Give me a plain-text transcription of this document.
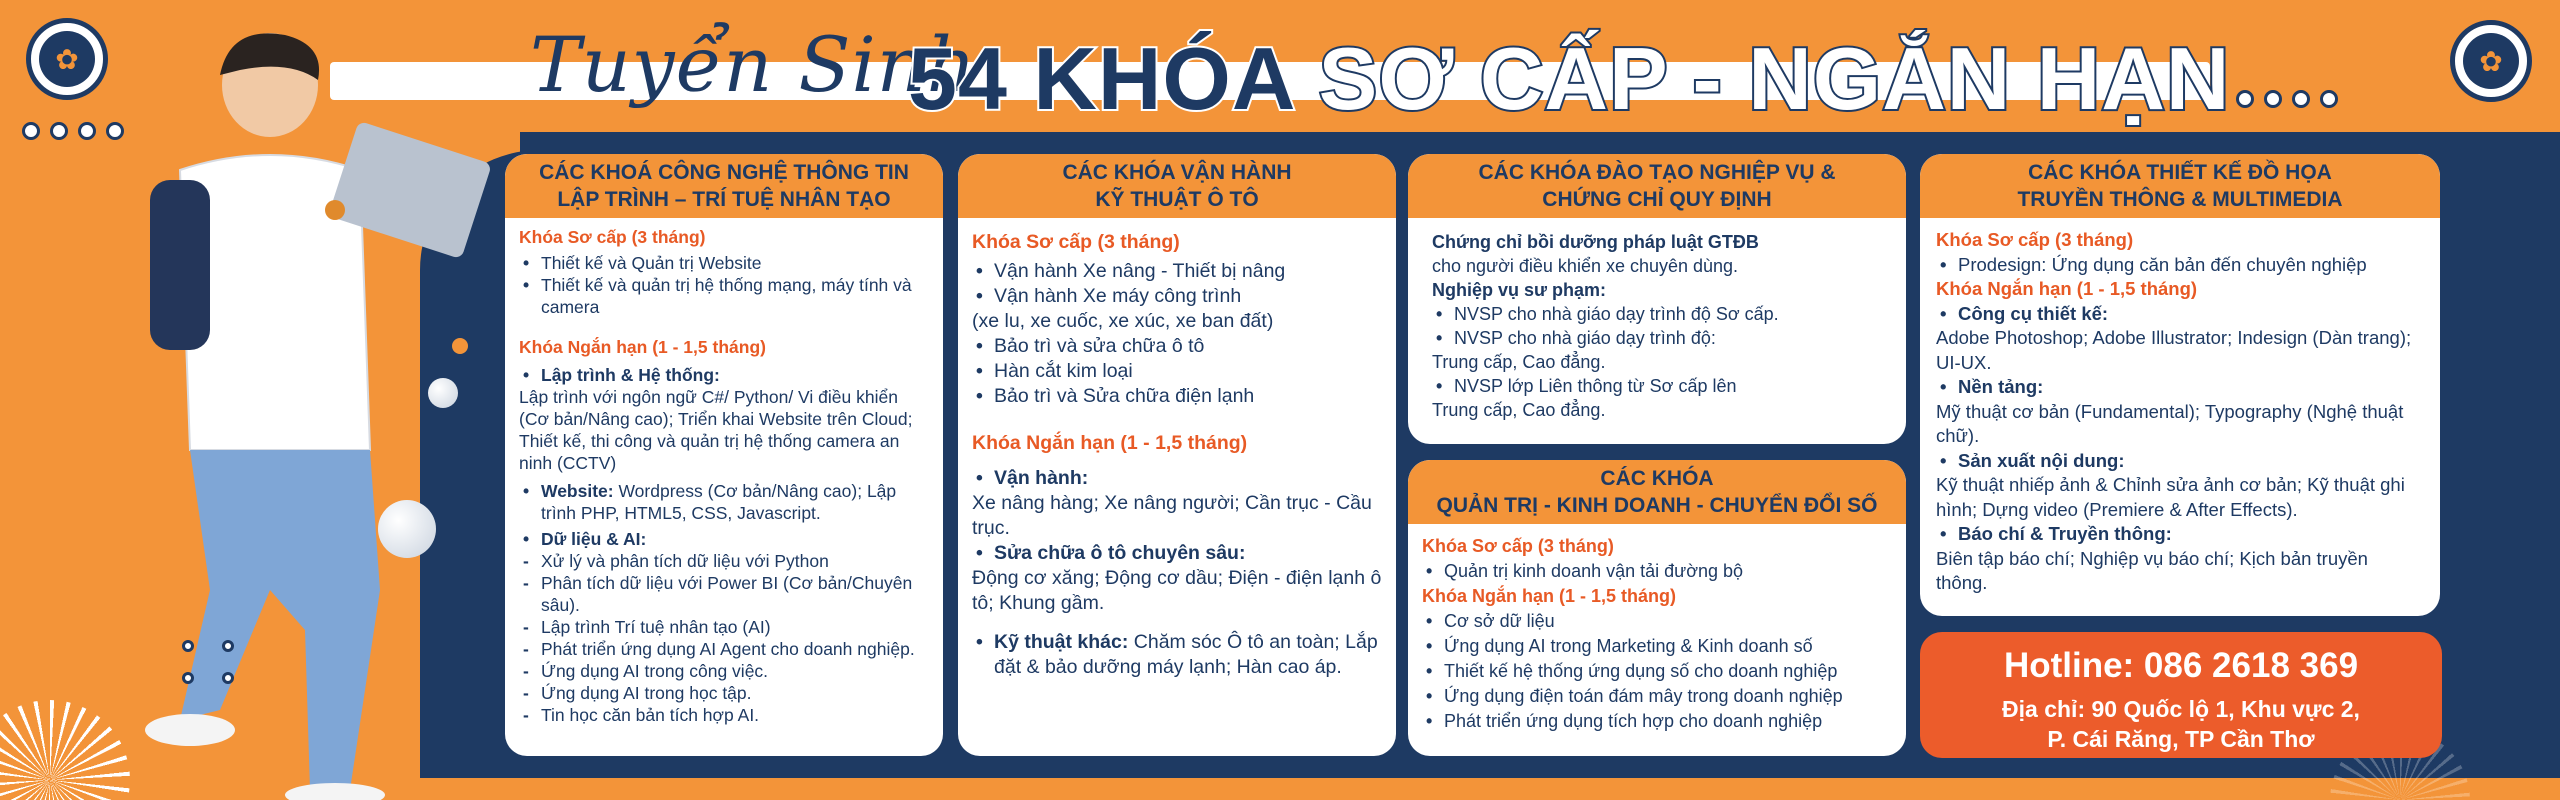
✿	✿
Tuyển Sinh
54 KHÓA SƠ CẤP - NGẮN HẠN
CÁC KHOÁ CÔNG NGHỆ THÔNG TIN
LẬP TRÌNH – TRÍ TUỆ NHÂN TẠO
Khóa Sơ cấp (3 tháng)
• Thiết kế và Quản trị Website
• Thiết kế và quản trị hệ thống mạng, máy tính và camera
Khóa Ngắn hạn (1 - 1,5 tháng)
• Lập trình & Hệ thống:
Lập trình với ngôn ngữ C#/ Python/ Vi điều khiển (Cơ bản/Nâng cao); Triển khai Website trên Cloud; Thiết kế, thi công và quản trị hệ thống camera an ninh (CCTV)
• Website: Wordpress (Cơ bản/Nâng cao); Lập trình PHP, HTML5, CSS, Javascript.
• Dữ liệu & AI:
- Xử lý và phân tích dữ liệu với Python
- Phân tích dữ liệu với Power BI (Cơ bản/Chuyên sâu).
- Lập trình Trí tuệ nhân tạo (AI)
- Phát triển ứng dụng AI Agent cho doanh nghiệp.
- Ứng dụng AI trong công việc.
- Ứng dụng AI trong học tập.
- Tin học căn bản tích hợp AI.
CÁC KHÓA VẬN HÀNH
KỸ THUẬT Ô TÔ
Khóa Sơ cấp (3 tháng)
• Vận hành Xe nâng - Thiết bị nâng
• Vận hành Xe máy công trình
(xe lu, xe cuốc, xe xúc, xe ban đất)
• Bảo trì và sửa chữa ô tô
• Hàn cắt kim loại
• Bảo trì và Sửa chữa điện lạnh
Khóa Ngắn hạn (1 - 1,5 tháng)
• Vận hành:
Xe nâng hàng; Xe nâng người; Cần trục - Cầu trục.
• Sửa chữa ô tô chuyên sâu:
Động cơ xăng; Động cơ dầu; Điện - điện lạnh ô tô; Khung gầm.
• Kỹ thuật khác: Chăm sóc Ô tô an toàn; Lắp đặt & bảo dưỡng máy lạnh; Hàn cao áp.
CÁC KHÓA ĐÀO TẠO NGHIỆP VỤ &
CHỨNG CHỈ QUY ĐỊNH
Chứng chỉ bồi dưỡng pháp luật GTĐB
cho người điều khiển xe chuyên dùng.
Nghiệp vụ sư phạm:
• NVSP cho nhà giáo dạy trình độ Sơ cấp.
• NVSP cho nhà giáo dạy trình độ:
Trung cấp, Cao đẳng.
• NVSP lớp Liên thông từ Sơ cấp lên
Trung cấp, Cao đẳng.
CÁC KHÓA
QUẢN TRỊ - KINH DOANH - CHUYỂN ĐỔI SỐ
Khóa Sơ cấp (3 tháng)
• Quản trị kinh doanh vận tải đường bộ
Khóa Ngắn hạn (1 - 1,5 tháng)
• Cơ sở dữ liệu
• Ứng dụng AI trong Marketing & Kinh doanh số
• Thiết kế hệ thống ứng dụng số cho doanh nghiệp
• Ứng dụng điện toán đám mây trong doanh nghiệp
• Phát triển ứng dụng tích hợp cho doanh nghiệp
CÁC KHÓA THIẾT KẾ ĐỒ HỌA
TRUYỀN THÔNG & MULTIMEDIA
Khóa Sơ cấp (3 tháng)
• Prodesign: Ứng dụng căn bản đến chuyên nghiệp
Khóa Ngắn hạn (1 - 1,5 tháng)
• Công cụ thiết kế:
Adobe Photoshop; Adobe Illustrator; Indesign (Dàn trang); UI-UX.
• Nền tảng:
Mỹ thuật cơ bản (Fundamental); Typography (Nghệ thuật chữ).
• Sản xuất nội dung:
Kỹ thuật nhiếp ảnh & Chỉnh sửa ảnh cơ bản; Kỹ thuật ghi hình; Dựng video (Premiere & After Effects).
• Báo chí & Truyền thông:
Biên tập báo chí; Nghiệp vụ báo chí; Kịch bản truyền thông.
Hotline: 086 2618 369
Địa chỉ: 90 Quốc lộ 1, Khu vực 2,
P. Cái Răng, TP Cần Thơ
